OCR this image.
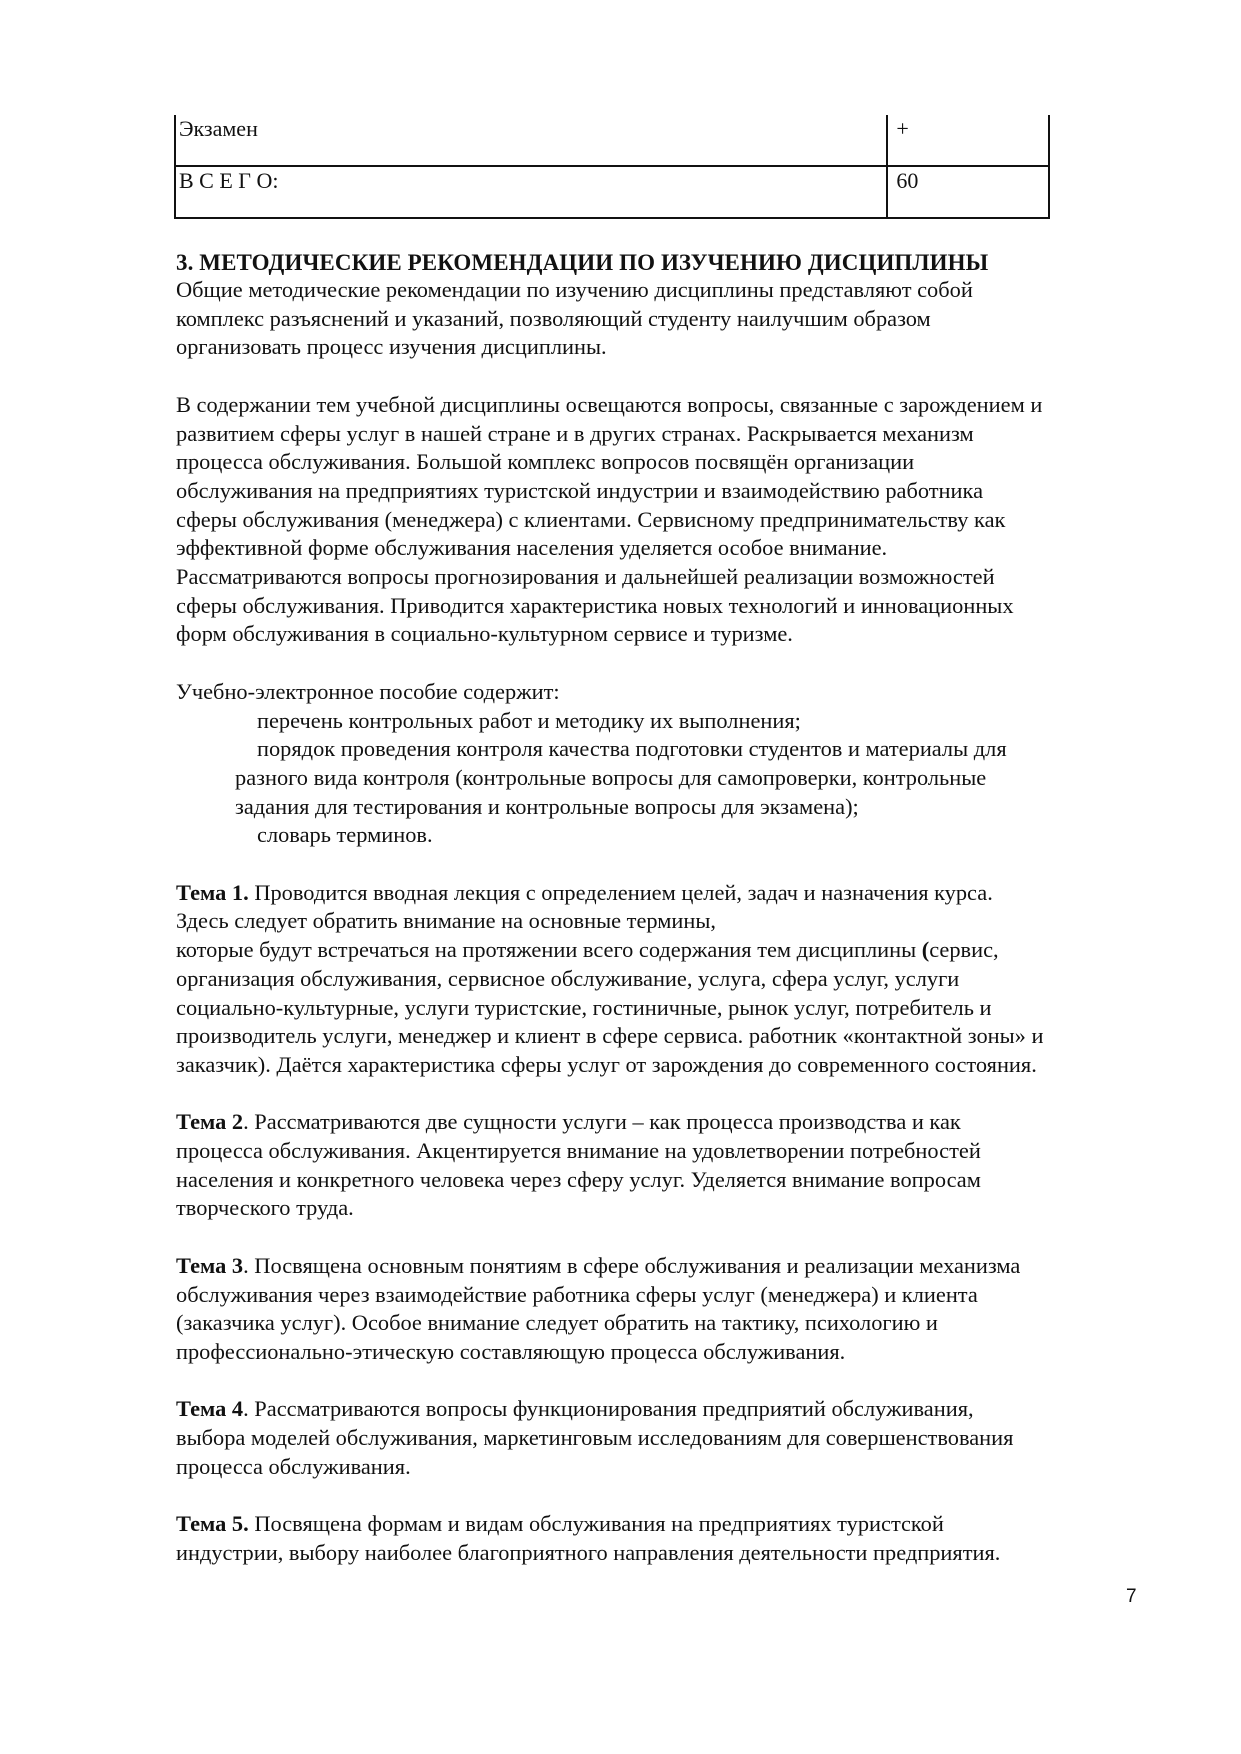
Экзамен	+
В С Е Г О:	60
3. МЕТОДИЧЕСКИЕ РЕКОМЕНДАЦИИ ПО ИЗУЧЕНИЮ ДИСЦИПЛИНЫ

Общие методические рекомендации по изучению дисциплины представляют собой

комплекс разъяснений и указаний, позволяющий студенту наилучшим образом

организовать процесс изучения дисциплины.

В содержании тем учебной дисциплины освещаются вопросы, связанные с зарождением и

развитием сферы услуг в нашей стране и в других странах. Раскрывается механизм

процесса обслуживания. Большой комплекс вопросов посвящён организации

обслуживания на предприятиях туристской индустрии и взаимодействию работника

сферы обслуживания (менеджера) с клиентами. Сервисному предпринимательству как

эффективной форме обслуживания населения уделяется особое внимание.

Рассматриваются вопросы прогнозирования и дальнейшей реализации возможностей

сферы обслуживания. Приводится характеристика новых технологий и инновационных

форм обслуживания в социально-культурном сервисе и туризме.

Учебно-электронное пособие содержит:

перечень контрольных работ и методику их выполнения;

порядок проведения контроля качества подготовки студентов и материалы для

разного вида контроля (контрольные вопросы для самопроверки, контрольные

задания для тестирования и контрольные вопросы для экзамена);

словарь терминов.

Тема 1. Проводится вводная лекция с определением целей, задач и назначения курса.

Здесь следует обратить внимание на основные термины,

которые будут встречаться на протяжении всего содержания тем дисциплины (сервис,

организация обслуживания, сервисное обслуживание, услуга, сфера услуг, услуги

социально-культурные, услуги туристские, гостиничные, рынок услуг, потребитель и

производитель услуги, менеджер и клиент в сфере сервиса. работник «контактной зоны» и

заказчик). Даётся характеристика сферы услуг от зарождения до современного состояния.

Тема 2. Рассматриваются две сущности услуги – как процесса производства и как

процесса обслуживания. Акцентируется внимание на удовлетворении потребностей

населения и конкретного человека через сферу услуг. Уделяется внимание вопросам

творческого труда.

Тема 3. Посвящена основным понятиям в сфере обслуживания и реализации механизма

обслуживания через взаимодействие работника сферы услуг (менеджера) и клиента

(заказчика услуг). Особое внимание следует обратить на тактику, психологию и

профессионально-этическую составляющую процесса обслуживания.

Тема 4. Рассматриваются вопросы функционирования предприятий обслуживания,

выбора моделей обслуживания, маркетинговым исследованиям для совершенствования

процесса обслуживания.

Тема 5. Посвящена формам и видам обслуживания на предприятиях туристской

индустрии, выбору наиболее благоприятного направления деятельности предприятия.

7
